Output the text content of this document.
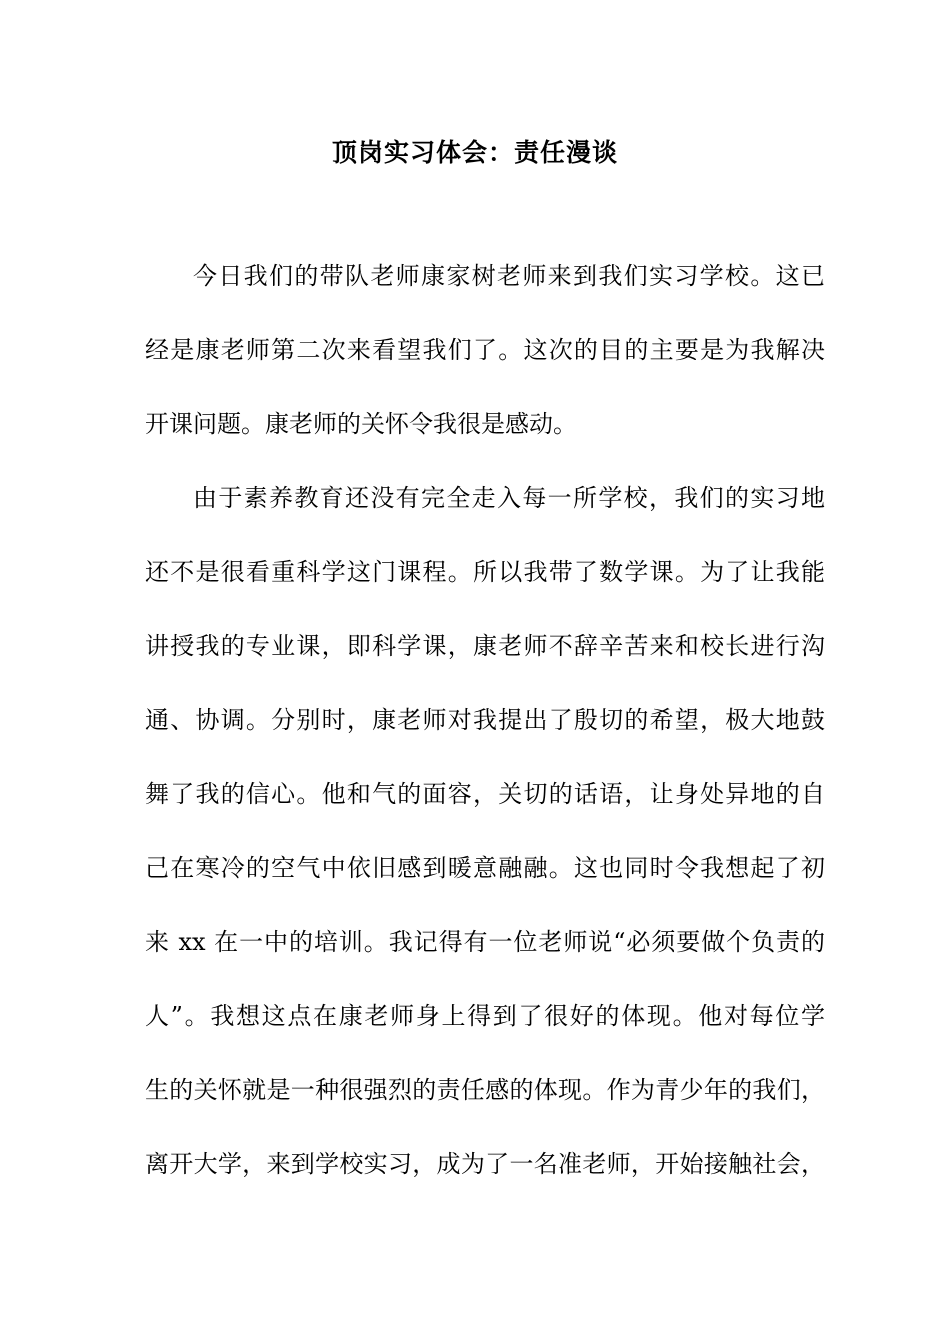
顶岗实习体会：责任漫谈
今日我们的带队老师康家树老师来到我们实习学校。这已
经是康老师第二次来看望我们了。这次的目的主要是为我解决
开课问题。康老师的关怀令我很是感动。
由于素养教育还没有完全走入每一所学校，我们的实习地
还不是很看重科学这门课程。所以我带了数学课。为了让我能
讲授我的专业课，即科学课，康老师不辞辛苦来和校长进行沟
通、协调。分别时，康老师对我提出了殷切的希望，极大地鼓
舞了我的信心。他和气的面容，关切的话语，让身处异地的自
己在寒冷的空气中依旧感到暖意融融。这也同时令我想起了初
来 xx 在一中的培训。我记得有一位老师说“必须要做个负责的
人”。我想这点在康老师身上得到了很好的体现。他对每位学
生的关怀就是一种很强烈的责任感的体现。作为青少年的我们，
离开大学，来到学校实习，成为了一名准老师，开始接触社会，
